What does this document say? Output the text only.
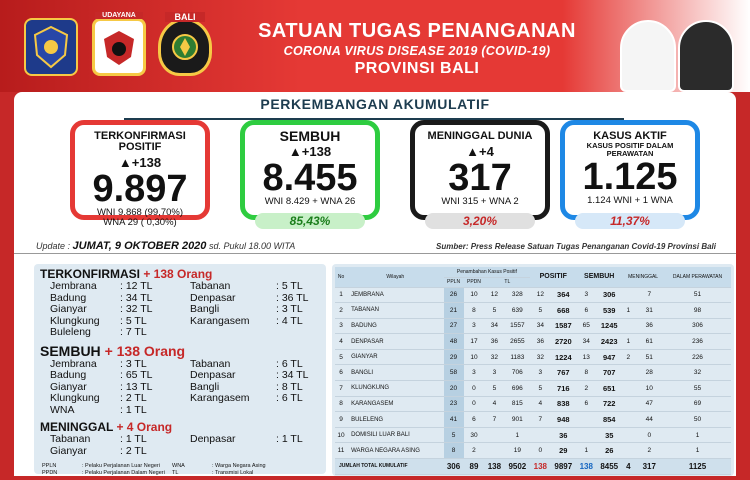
UDAYANA	BALI
SATUAN TUGAS PENANGANAN
CORONA VIRUS DISEASE 2019 (COVID-19)
PROVINSI BALI
PERKEMBANGAN AKUMULATIF
TERKONFIRMASI POSITIF
▲+138
9.897
WNI 9.868 (99,70%)
WNA 29 ( 0,30%)
SEMBUH
▲+138
8.455
WNI 8.429 + WNA 26
85,43%
MENINGGAL DUNIA
▲+4
317
WNI 315 + WNA 2
3,20%
KASUS AKTIF
KASUS POSITIF DALAM PERAWATAN
1.125
1.124 WNI + 1 WNA
11,37%
Update : JUMAT, 9 OKTOBER 2020 sd. Pukul 18.00 WITA	Sumber: Press Release Satuan Tugas Penanganan Covid-19 Provinsi Bali
TERKONFIRMASI + 138 Orang
Jembrana	: 12 TL	Tabanan	: 5 TL
Badung	: 34 TL	Denpasar	: 36 TL
Gianyar	: 32 TL	Bangli	: 3 TL
Klungkung	: 5 TL	Karangasem	: 4 TL
Buleleng	: 7 TL
SEMBUH + 138 Orang
Jembrana	: 3 TL	Tabanan	: 6 TL
Badung	: 65 TL	Denpasar	: 34 TL
Gianyar	: 13 TL	Bangli	: 8 TL
Klungkung	: 2 TL	Karangasem	: 6 TL
WNA	: 1 TL
MENINGGAL + 4 Orang
Tabanan	: 1 TL	Denpasar	: 1 TL
Gianyar	: 2 TL
PPLN	: Pelaku Perjalanan Luar Negeri	WNA	: Warga Negara Asing
PPDN	: Pelaku Perjalanan Dalam Negeri	TL	: Transmisi Lokal
No	Wilayah	Penambahan Kasus Positif				POSITIF		SEMBUH		MENINGGAL		DALAM PERAWATAN
		PPLN	PPDN	TL								
1	JEMBRANA	26	10	12	328	12	364	3	306		7	51
2	TABANAN	21	8	5	639	5	668	6	539	1	31	98
3	BADUNG	27	3	34	1557	34	1587	65	1245		36	306
4	DENPASAR	48	17	36	2655	36	2720	34	2423	1	61	236
5	GIANYAR	29	10	32	1183	32	1224	13	947	2	51	226
6	BANGLI	58	3	3	706	3	767	8	707		28	32
7	KLUNGKUNG	20	0	5	696	5	716	2	651		10	55
8	KARANGASEM	23	0	4	815	4	838	6	722		47	69
9	BULELENG	41	6	7	901	7	948		854		44	50
10	DOMISILI LUAR BALI	5	30		1		36		35		0	1
11	WARGA NEGARA ASING	8	2		19	0	29	1	26		2	1
JUMLAH TOTAL KUMULATIF		306	89	138	9502	138	9897	138	8455	4	317	1125
